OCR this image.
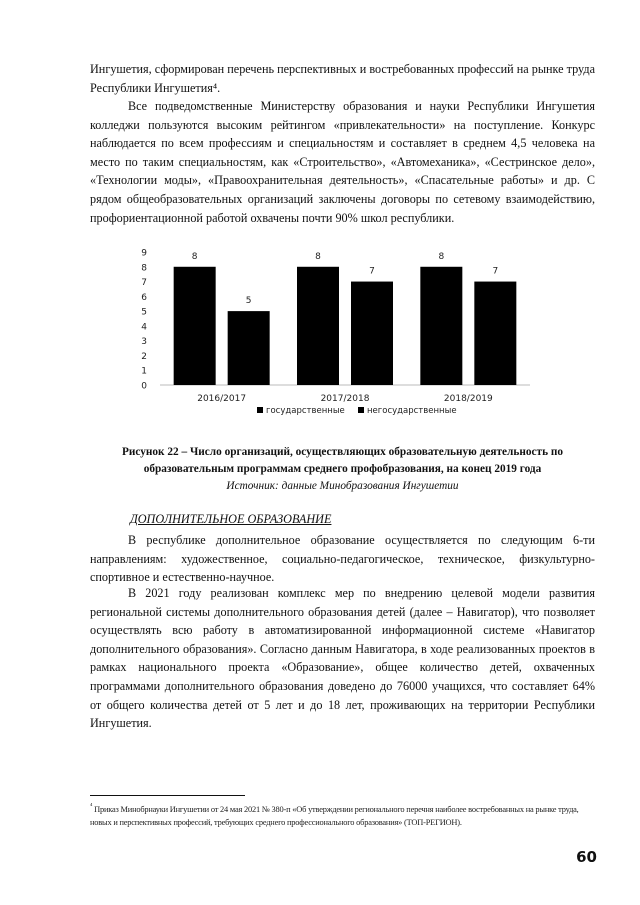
Ингушетия, сформирован перечень перспективных и востребованных профессий на рынке труда Республики Ингушетия⁴.

Все подведомственные Министерству образования и науки Республики Ингушетия колледжи пользуются высоким рейтингом «привлекательности» на поступление. Конкурс наблюдается по всем профессиям и специальностям и составляет в среднем 4,5 человека на место по таким специальностям, как «Строительство», «Автомеханика», «Сестринское дело», «Технологии моды», «Правоохранительная деятельность», «Спасательные работы» и др. С рядом общеобразовательных организаций заключены договоры по сетевому взаимодействию, профориентационной работой охвачены почти 90% школ республики.

0
1
2
3
4
5
6
7
8
9	8
5
2016/2017
8
7
2017/2018
8
7
2018/2019
государственные	негосударственные

Рисунок 22 – Число организаций, осуществляющих образовательную деятельность по

образовательным программам среднего профобразования, на конец 2019 года

Источник: данные Минобразования Ингушетии

ДОПОЛНИТЕЛЬНОЕ ОБРАЗОВАНИЕ

В республике дополнительное образование осуществляется по следующим 6-ти направлениям: художественное, социально-педагогическое, техническое, физкультурно-спортивное и естественно-научное.

В 2021 году реализован комплекс мер по внедрению целевой модели развития региональной системы дополнительного образования детей (далее – Навигатор), что позволяет осуществлять всю работу в автоматизированной информационной системе «Навигатор дополнительного образования». Согласно данным Навигатора, в ходе реализованных проектов в рамках национального проекта «Образование», общее количество детей, охваченных программами дополнительного образования доведено до 76000 учащихся, что составляет 64% от общего количества детей от 5 лет и до 18 лет, проживающих на территории Республики Ингушетия.

$^{^4}$ Приказ Минобрнауки Ингушетии от 24 мая 2021 № 380-п «Об утверждении регионального перечня наиболее востребованных на рынке труда, новых и перспективных профессий, требующих среднего профессионального образования» (ТОП-РЕГИОН).

60
